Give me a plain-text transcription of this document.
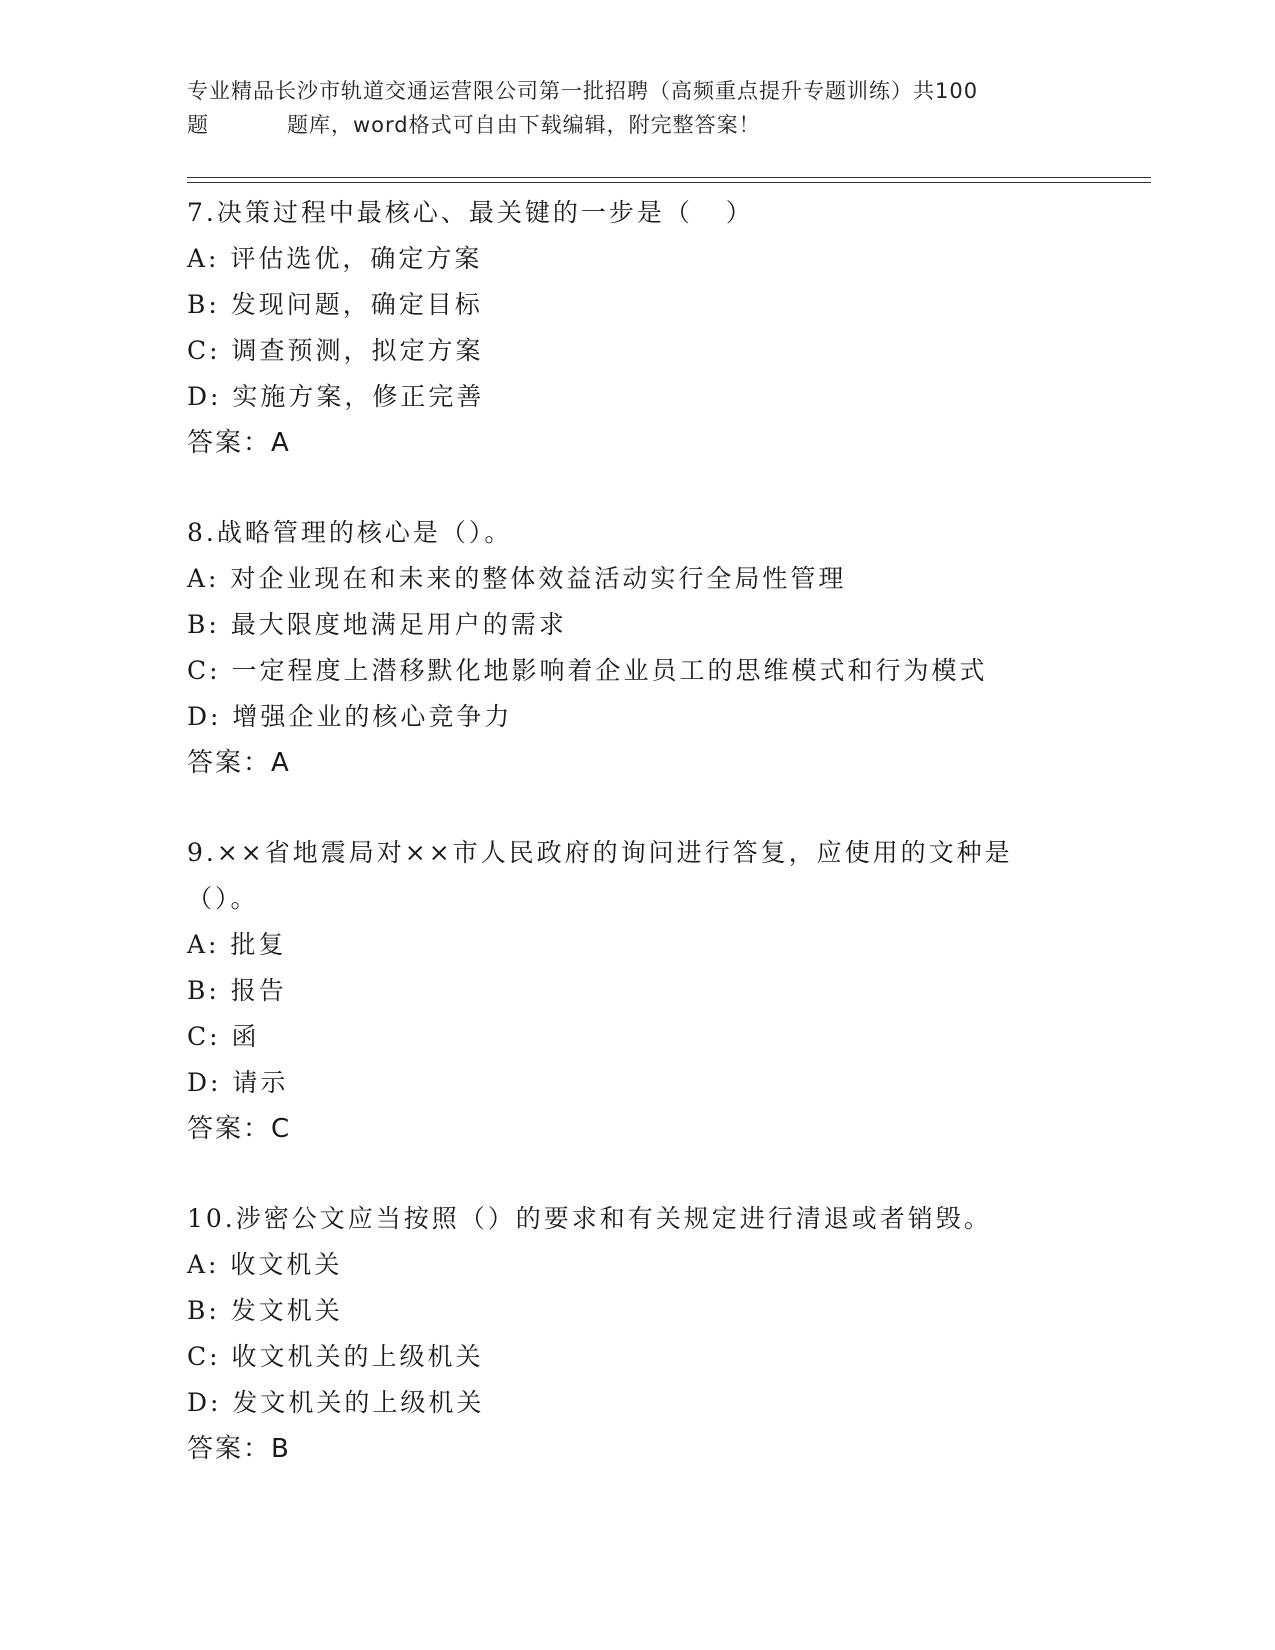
专业精品长沙市轨道交通运营限公司第一批招聘（高频重点提升专题训练）共100
题	题库，word格式可自由下载编辑，附完整答案！
7.决策过程中最核心、最关键的一步是（   ）
A: 评估选优，确定方案
B: 发现问题，确定目标
C: 调查预测，拟定方案
D: 实施方案，修正完善
答案：A
8.战略管理的核心是（）。
A: 对企业现在和未来的整体效益活动实行全局性管理
B: 最大限度地满足用户的需求
C: 一定程度上潜移默化地影响着企业员工的思维模式和行为模式
D: 增强企业的核心竞争力
答案：A
9.××省地震局对××市人民政府的询问进行答复，应使用的文种是
（）。
A: 批复
B: 报告
C: 函
D: 请示
答案：C
10.涉密公文应当按照（）的要求和有关规定进行清退或者销毁。
A: 收文机关
B: 发文机关
C: 收文机关的上级机关
D: 发文机关的上级机关
答案：B
